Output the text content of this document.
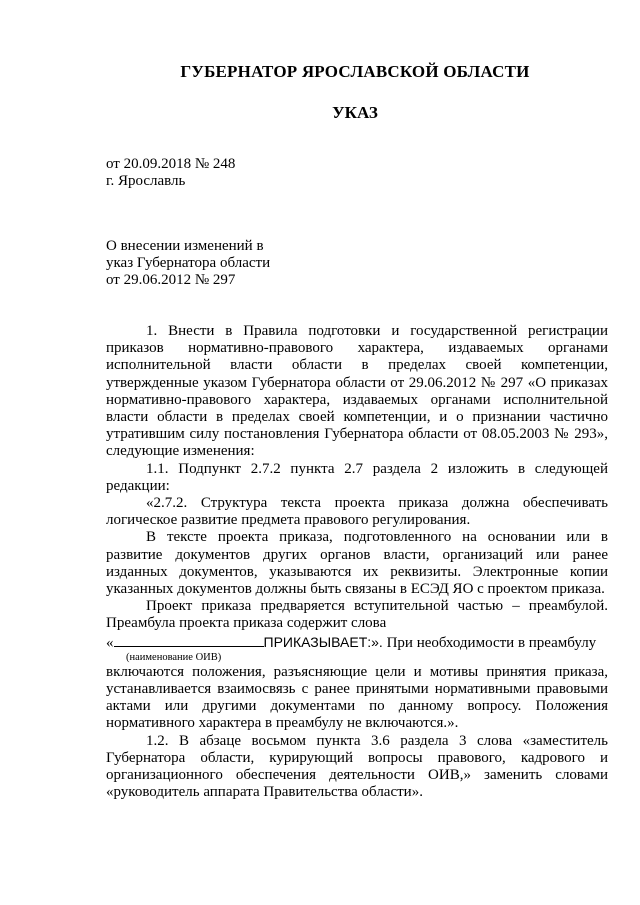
ГУБЕРНАТОР ЯРОСЛАВСКОЙ ОБЛАСТИ
УКАЗ
от 20.09.2018 № 248
г. Ярославль
О внесении изменений в
указ Губернатора области
от 29.06.2012 № 297

1. Внести в Правила подготовки и государственной регистрации приказов нормативно-правового характера, издаваемых органами исполнительной власти области в пределах своей компетенции, утвержденные указом Губернатора области от 29.06.2012 № 297 «О приказах нормативно-правового характера, издаваемых органами исполнительной власти области в пределах своей компетенции, и о признании частично утратившим силу постановления Губернатора области от 08.05.2003 № 293», следующие изменения:

1.1. Подпункт 2.7.2 пункта 2.7 раздела 2 изложить в следующей редакции:

«2.7.2. Структура текста проекта приказа должна обеспечивать логическое развитие предмета правового регулирования.

В тексте проекта приказа, подготовленного на основании или в развитие документов других органов власти, организаций или ранее изданных документов, указываются их реквизиты. Электронные копии указанных документов должны быть связаны в ЕСЭД ЯО с проектом приказа.

Проект приказа предваряется вступительной частью – преамбулой. Преамбула проекта приказа содержит слова

«	ПРИКАЗЫВАЕТ:». При необходимости в преамбулу

(наименование ОИВ)

включаются положения, разъясняющие цели и мотивы принятия приказа, устанавливается взаимосвязь с ранее принятыми нормативными правовыми актами или другими документами по данному вопросу. Положения нормативного характера в преамбулу не включаются.».

1.2. В абзаце восьмом пункта 3.6 раздела 3 слова «заместитель Губернатора области, курирующий вопросы правового, кадрового и организационного обеспечения деятельности ОИВ,» заменить словами «руководитель аппарата Правительства области».
